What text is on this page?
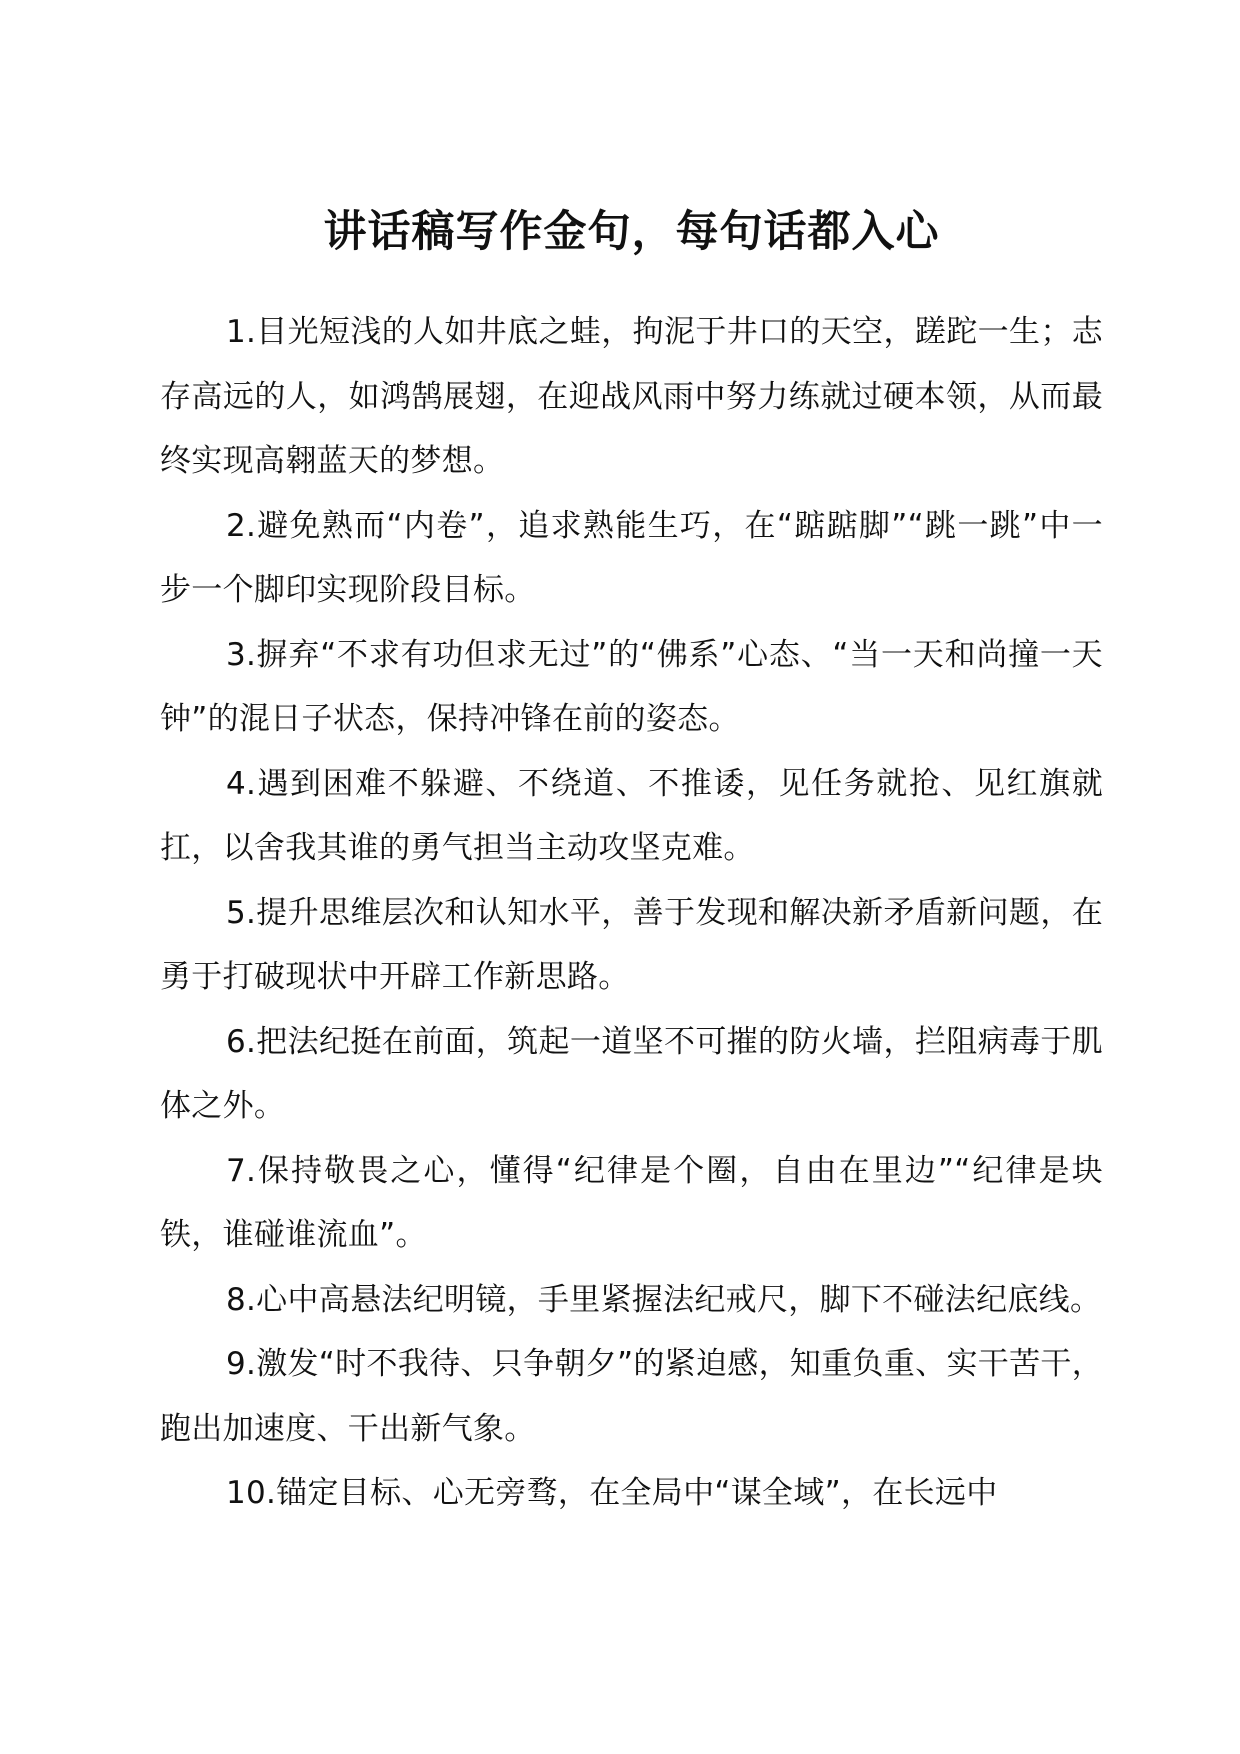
讲话稿写作金句，每句话都入心

1.目光短浅的人如井底之蛙，拘泥于井口的天空，蹉跎一生；志存高远的人，如鸿鹄展翅，在迎战风雨中努力练就过硬本领，从而最终实现高翱蓝天的梦想。

2.避免熟而“内卷”，追求熟能生巧，在“踮踮脚”“跳一跳”中一步一个脚印实现阶段目标。

3.摒弃“不求有功但求无过”的“佛系”心态、“当一天和尚撞一天钟”的混日子状态，保持冲锋在前的姿态。

4.遇到困难不躲避、不绕道、不推诿，见任务就抢、见红旗就扛，以舍我其谁的勇气担当主动攻坚克难。

5.提升思维层次和认知水平，善于发现和解决新矛盾新问题，在勇于打破现状中开辟工作新思路。

6.把法纪挺在前面，筑起一道坚不可摧的防火墙，拦阻病毒于肌体之外。

7.保持敬畏之心，懂得“纪律是个圈，自由在里边”“纪律是块铁，谁碰谁流血”。

8.心中高悬法纪明镜，手里紧握法纪戒尺，脚下不碰法纪底线。

9.激发“时不我待、只争朝夕”的紧迫感，知重负重、实干苦干，跑出加速度、干出新气象。

10.锚定目标、心无旁骛，在全局中“谋全域”，在长远中
